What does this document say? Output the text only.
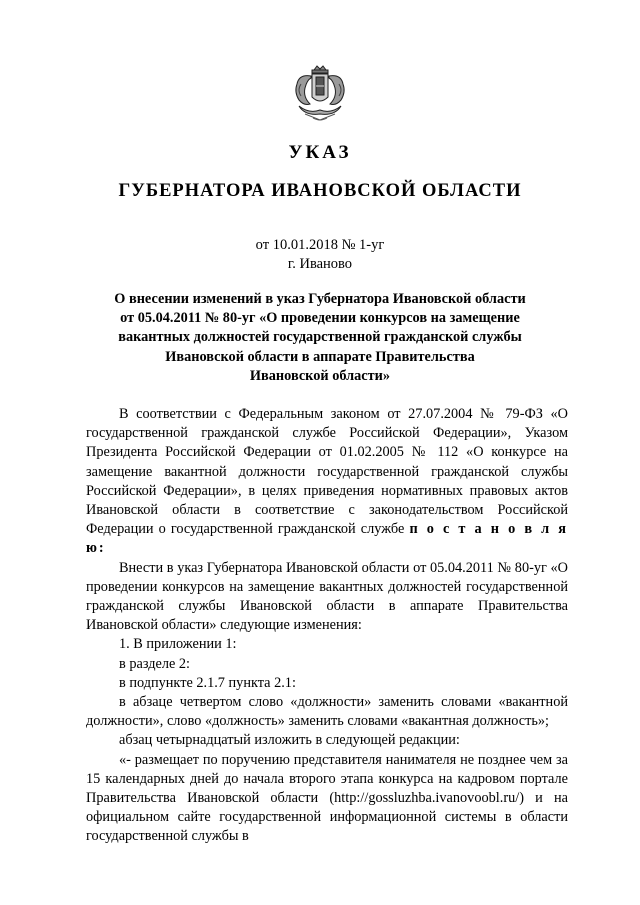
УКАЗ
ГУБЕРНАТОРА ИВАНОВСКОЙ ОБЛАСТИ
от 10.01.2018 № 1-уг
г. Иваново
О внесении изменений в указ Губернатора Ивановской области
от 05.04.2011 № 80-уг «О проведении конкурсов на замещение
вакантных должностей государственной гражданской службы
Ивановской области в аппарате Правительства
Ивановской области»

В соответствии с Федеральным законом от 27.07.2004 № 79-ФЗ «О государственной гражданской службе Российской Федерации», Указом Президента Российской Федерации от 01.02.2005 № 112 «О конкурсе на замещение вакантной должности государственной гражданской службы Российской Федерации», в целях приведения нормативных правовых актов Ивановской области в соответствие с законодательством Российской Федерации о государственной гражданской службе п о с т а н о в л я ю:

Внести в указ Губернатора Ивановской области от 05.04.2011 № 80-уг «О проведении конкурсов на замещение вакантных должностей государственной гражданской службы Ивановской области в аппарате Правительства Ивановской области» следующие изменения:

1. В приложении 1:

в разделе 2:

в подпункте 2.1.7 пункта 2.1:

в абзаце четвертом слово «должности» заменить словами «вакантной должности», слово «должность» заменить словами «вакантная должность»;

абзац четырнадцатый изложить в следующей редакции:

«- размещает по поручению представителя нанимателя не позднее чем за 15 календарных дней до начала второго этапа конкурса на кадровом портале Правительства Ивановской области (http://gossluzhba.ivanovoobl.ru/) и на официальном сайте государственной информационной системы в области государственной службы в
